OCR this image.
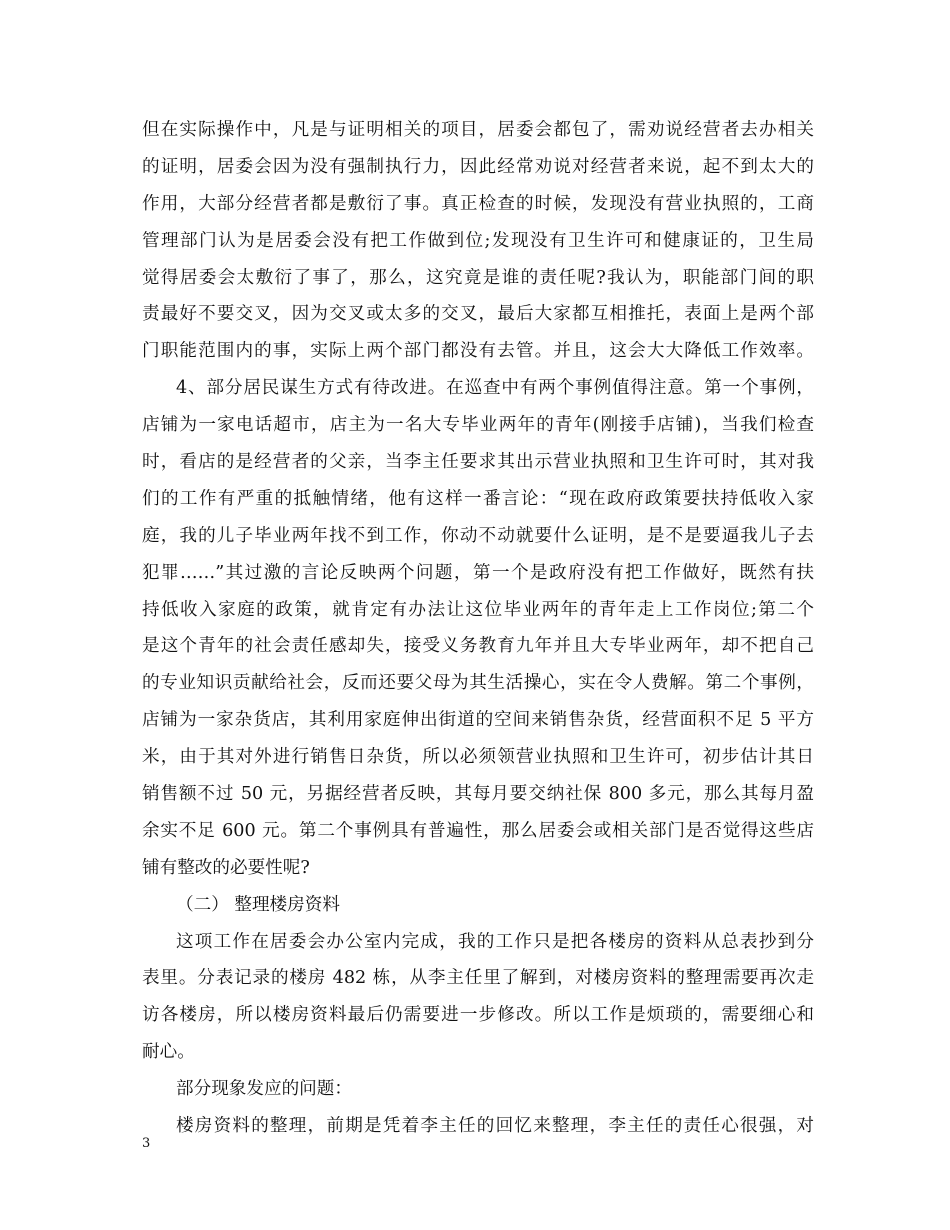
但在实际操作中，凡是与证明相关的项目，居委会都包了，需劝说经营者去办相关
的证明，居委会因为没有强制执行力，因此经常劝说对经营者来说，起不到太大的
作用，大部分经营者都是敷衍了事。真正检查的时候，发现没有营业执照的，工商
管理部门认为是居委会没有把工作做到位;发现没有卫生许可和健康证的，卫生局
觉得居委会太敷衍了事了，那么，这究竟是谁的责任呢?我认为，职能部门间的职
责最好不要交叉，因为交叉或太多的交叉，最后大家都互相推托，表面上是两个部
门职能范围内的事，实际上两个部门都没有去管。并且，这会大大降低工作效率。
4、部分居民谋生方式有待改进。在巡查中有两个事例值得注意。第一个事例，
店铺为一家电话超市，店主为一名大专毕业两年的青年(刚接手店铺)，当我们检查
时，看店的是经营者的父亲，当李主任要求其出示营业执照和卫生许可时，其对我
们的工作有严重的抵触情绪，他有这样一番言论：“现在政府政策要扶持低收入家
庭，我的儿子毕业两年找不到工作，你动不动就要什么证明，是不是要逼我儿子去
犯罪……”其过激的言论反映两个问题，第一个是政府没有把工作做好，既然有扶
持低收入家庭的政策，就肯定有办法让这位毕业两年的青年走上工作岗位;第二个
是这个青年的社会责任感却失，接受义务教育九年并且大专毕业两年，却不把自己
的专业知识贡献给社会，反而还要父母为其生活操心，实在令人费解。第二个事例，
店铺为一家杂货店，其利用家庭伸出街道的空间来销售杂货，经营面积不足 5 平方
米，由于其对外进行销售日杂货，所以必须领营业执照和卫生许可，初步估计其日
销售额不过 50 元，另据经营者反映，其每月要交纳社保 800 多元，那么其每月盈
余实不足 600 元。第二个事例具有普遍性，那么居委会或相关部门是否觉得这些店
铺有整改的必要性呢?
（二） 整理楼房资料
这项工作在居委会办公室内完成，我的工作只是把各楼房的资料从总表抄到分
表里。分表记录的楼房 482 栋，从李主任里了解到，对楼房资料的整理需要再次走
访各楼房，所以楼房资料最后仍需要进一步修改。所以工作是烦琐的，需要细心和
耐心。
部分现象发应的问题：
楼房资料的整理，前期是凭着李主任的回忆来整理，李主任的责任心很强，对
3
